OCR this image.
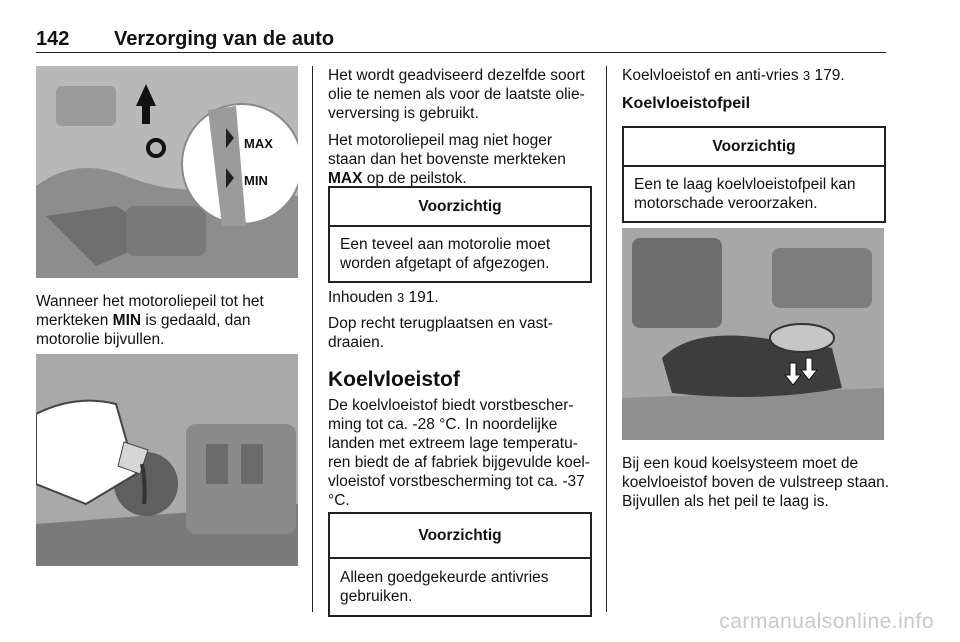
142 Verzorging van de auto
MAX
MIN
Wanneer het motoroliepeil tot het merkteken MIN is gedaald, dan motorolie bijvullen.

Het wordt geadviseerd dezelfde soort olie te nemen als voor de laatste olieverversing is gebruikt.

Het motoroliepeil mag niet hoger staan dan het bovenste merkteken MAX op de peilstok.

Voorzichtig
Een teveel aan motorolie moet worden afgetapt of afgezogen.
Inhouden 3 191.
Dop recht terugplaatsen en vastdraaien.
Koelvloeistof
De koelvloeistof biedt vorstbescherming tot ca. -28 °C. In noordelijke landen met extreem lage temperaturen biedt de af fabriek bijgevulde koelvloeistof vorstbescherming tot ca. -37 °C.
Voorzichtig
Alleen goedgekeurde antivries gebruiken.
Koelvloeistof en anti-vries 3 179.
Koelvloeistofpeil
Voorzichtig
Een te laag koelvloeistofpeil kan motorschade veroorzaken.
Bij een koud koelsysteem moet de koelvloeistof boven de vulstreep staan. Bijvullen als het peil te laag is.
carmanualsonline.info
